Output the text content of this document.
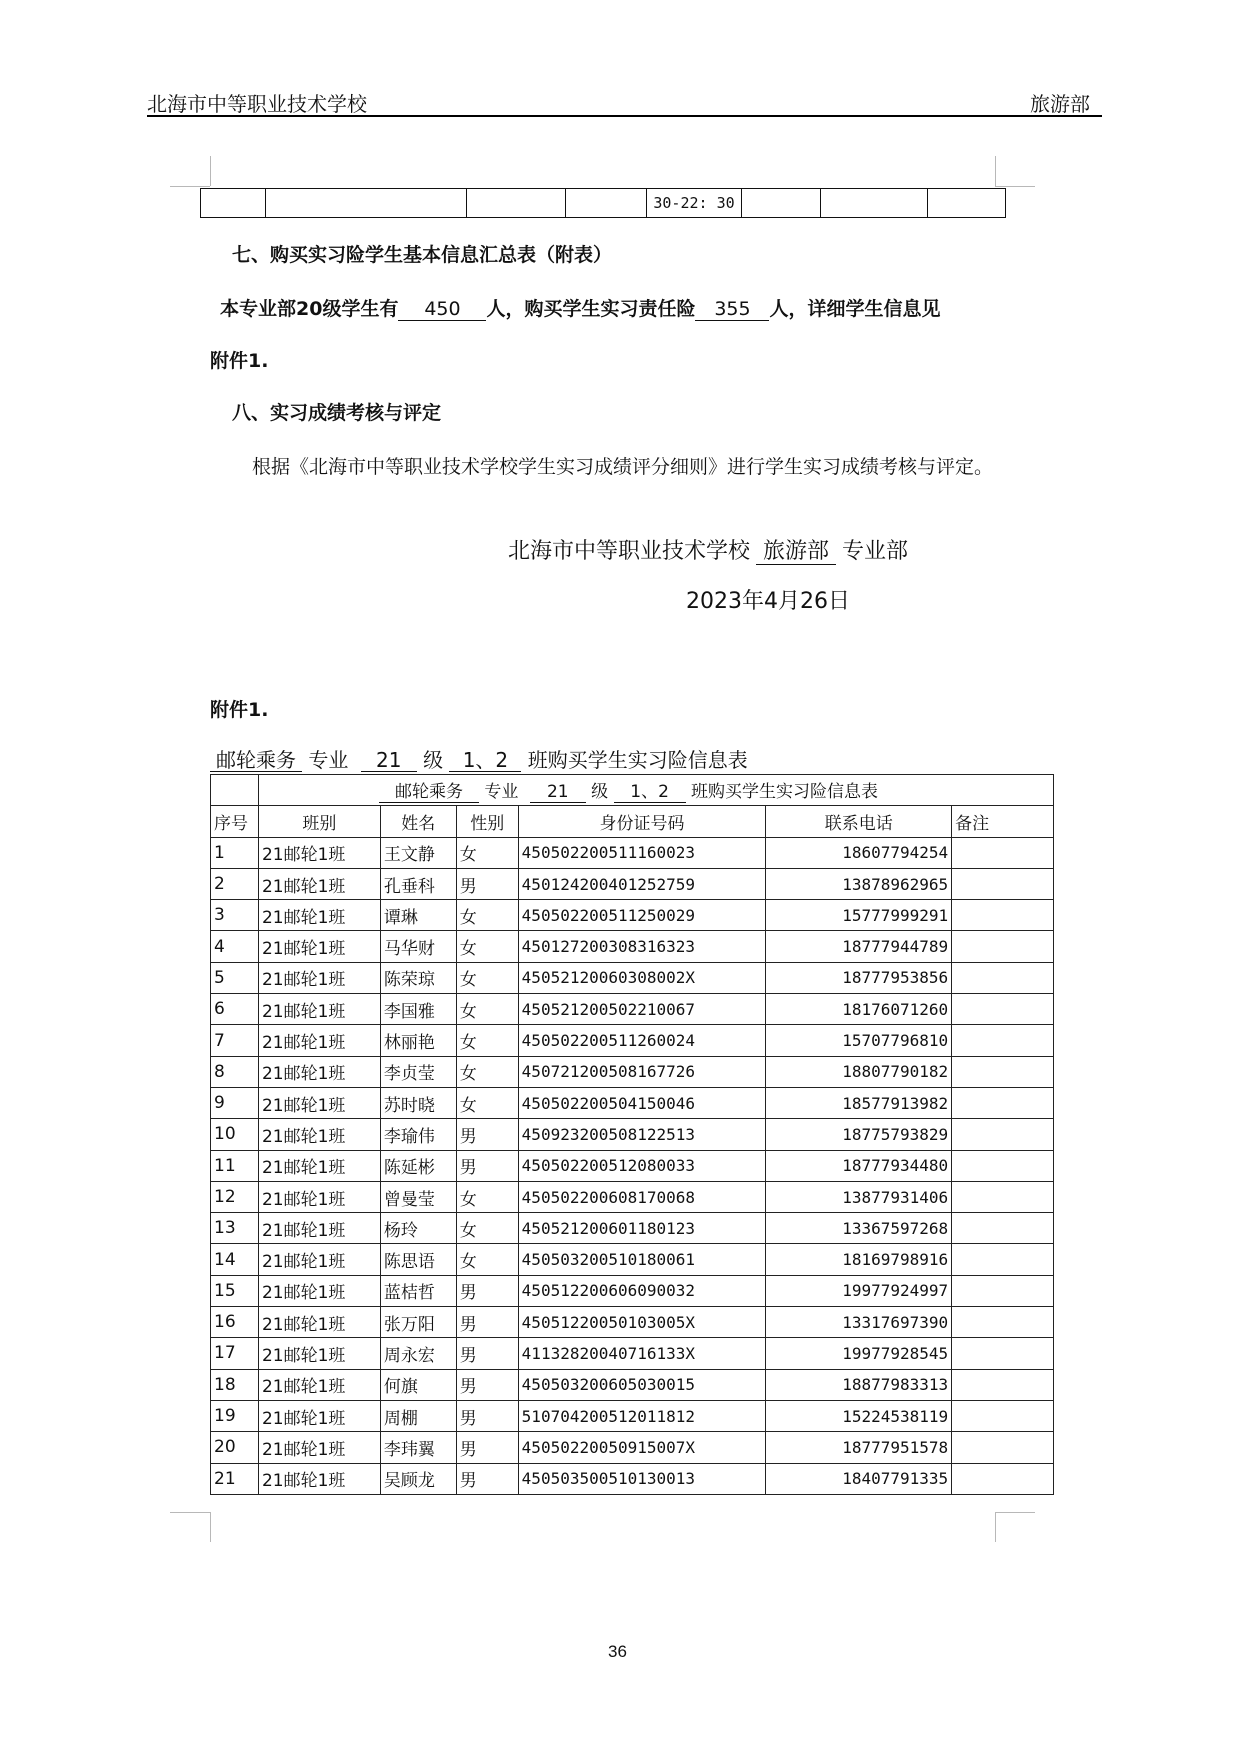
北海市中等职业技术学校	旅游部
				30-22: 30			
七、购买实习险学生基本信息汇总表（附表）
本专业部20级学生有 450 人，购买学生实习责任险 355 人，详细学生信息见
附件1.
八、实习成绩考核与评定
根据《北海市中等职业技术学校学生实习成绩评分细则》进行学生实习成绩考核与评定。
北海市中等职业技术学校 旅游部 专业部
2023年4月26日
附件1.
邮轮乘务 专业 21 级 1、2 班购买学生实习险信息表
	邮轮乘务 专业 21 级 1、2 班购买学生实习险信息表					
序号	班别	姓名	性别	身份证号码	联系电话	备注
1	21邮轮1班	王文静	女	450502200511160023	18607794254	
2	21邮轮1班	孔垂科	男	450124200401252759	13878962965	
3	21邮轮1班	谭琳	女	450502200511250029	15777999291	
4	21邮轮1班	马华财	女	450127200308316323	18777944789	
5	21邮轮1班	陈荣琼	女	45052120060308002X	18777953856	
6	21邮轮1班	李国雅	女	450521200502210067	18176071260	
7	21邮轮1班	林丽艳	女	450502200511260024	15707796810	
8	21邮轮1班	李贞莹	女	450721200508167726	18807790182	
9	21邮轮1班	苏时晓	女	450502200504150046	18577913982	
10	21邮轮1班	李瑜伟	男	450923200508122513	18775793829	
11	21邮轮1班	陈延彬	男	450502200512080033	18777934480	
12	21邮轮1班	曾曼莹	女	450502200608170068	13877931406	
13	21邮轮1班	杨玲	女	450521200601180123	13367597268	
14	21邮轮1班	陈思语	女	450503200510180061	18169798916	
15	21邮轮1班	蓝桔哲	男	450512200606090032	19977924997	
16	21邮轮1班	张万阳	男	45051220050103005X	13317697390	
17	21邮轮1班	周永宏	男	41132820040716133X	19977928545	
18	21邮轮1班	何旗	男	450503200605030015	18877983313	
19	21邮轮1班	周棚	男	510704200512011812	15224538119	
20	21邮轮1班	李玮翼	男	45050220050915007X	18777951578	
21	21邮轮1班	吴顾龙	男	450503500510130013	18407791335	
36
